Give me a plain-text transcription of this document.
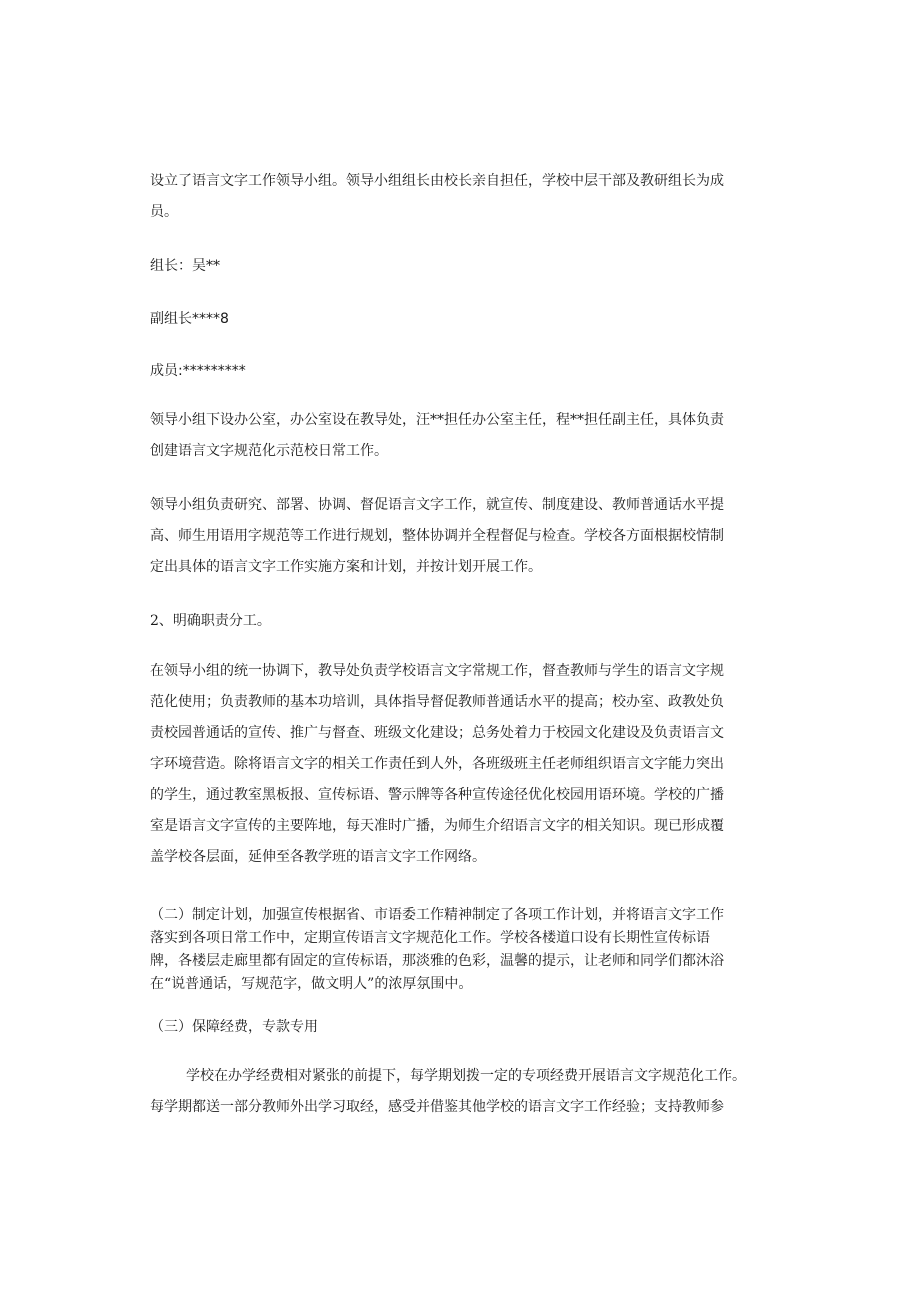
设立了语言文字工作领导小组。领导小组组长由校长亲自担任，学校中层干部及教研组长为成
员。

组长：吴**

副组长****8

成员:*********

领导小组下设办公室，办公室设在教导处，汪**担任办公室主任，程**担任副主任，具体负责
创建语言文字规范化示范校日常工作。

领导小组负责研究、部署、协调、督促语言文字工作，就宣传、制度建设、教师普通话水平提
高、师生用语用字规范等工作进行规划，整体协调并全程督促与检查。学校各方面根据校情制
定出具体的语言文字工作实施方案和计划，并按计划开展工作。

2、明确职责分工。

在领导小组的统一协调下，教导处负责学校语言文字常规工作，督查教师与学生的语言文字规
范化使用；负责教师的基本功培训，具体指导督促教师普通话水平的提高；校办室、政教处负
责校园普通话的宣传、推广与督查、班级文化建设；总务处着力于校园文化建设及负责语言文
字环境营造。除将语言文字的相关工作责任到人外，各班级班主任老师组织语言文字能力突出
的学生，通过教室黑板报、宣传标语、警示牌等各种宣传途径优化校园用语环境。学校的广播
室是语言文字宣传的主要阵地，每天准时广播，为师生介绍语言文字的相关知识。现已形成覆
盖学校各层面，延伸至各教学班的语言文字工作网络。

（二）制定计划，加强宣传根据省、市语委工作精神制定了各项工作计划，并将语言文字工作
落实到各项日常工作中，定期宣传语言文字规范化工作。学校各楼道口设有长期性宣传标语
牌，各楼层走廊里都有固定的宣传标语，那淡雅的色彩，温馨的提示，让老师和同学们都沐浴
在“说普通话，写规范字，做文明人”的浓厚氛围中。

（三）保障经费，专款专用

学校在办学经费相对紧张的前提下，每学期划拨一定的专项经费开展语言文字规范化工作。
每学期都送一部分教师外出学习取经，感受并借鉴其他学校的语言文字工作经验；支持教师参
